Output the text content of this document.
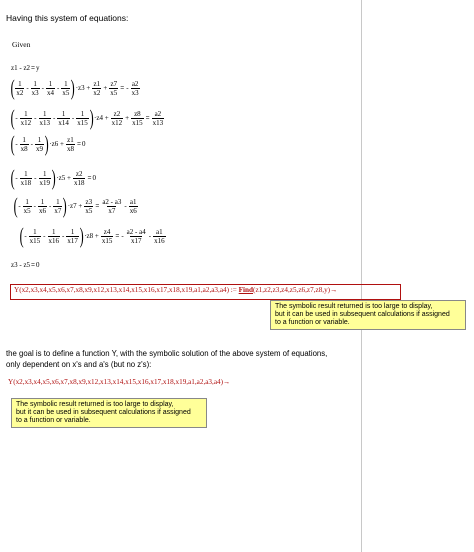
Having this system of equations:
Given
z1 - z2 = y
( $\frac{1}{x2} - \frac{1}{x3} - \frac{1}{x4} - \frac{1}{x5}$ ) $\cdot z3 + \frac{z1}{x2} + \frac{z7}{x5}$ = - $\frac{a2}{x3}$
( - $\frac{1}{x12} - \frac{1}{x13} - \frac{1}{x14} - \frac{1}{x15}$ ) $\cdot z4 + \frac{z2}{x12} + \frac{z8}{x15} = \frac{a2}{x13}$
( - $\frac{1}{x8} - \frac{1}{x9}$ ) $\cdot z6 + \frac{z1}{x8} = 0$
( - $\frac{1}{x18} - \frac{1}{x19}$ ) $\cdot z5 + \frac{z2}{x18} = 0$
( - $\frac{1}{x5} - \frac{1}{x6} - \frac{1}{x7}$ ) $\cdot z7 + \frac{z3}{x5} = \frac{a2 - a3}{x7} - \frac{a1}{x6}$
( - $\frac{1}{x15} - \frac{1}{x16} - \frac{1}{x17}$ ) $\cdot z8 + \frac{z4}{x15}$ = - $\frac{a2 - a4}{x17} - \frac{a1}{x16}$
z3 - z5 = 0
Y(x2,x3,x4,x5,x6,x7,x8,x9,x12,x13,x14,x15,x16,x17,x18,x19,a1,a2,a3,a4) := Find(z1,z2,z3,z4,z5,z6,z7,z8,y)→
The symbolic result returned is too large to display,
but it can be used in subsequent calculations if assigned
to a function or variable.
the goal is to define a function Y, with the symbolic solution of the above system of equations,
only dependent on x's and a's (but no z's):
Y(x2,x3,x4,x5,x6,x7,x8,x9,x12,x13,x14,x15,x16,x17,x18,x19,a1,a2,a3,a4)→
The symbolic result returned is too large to display,
but it can be used in subsequent calculations if assigned
to a function or variable.
